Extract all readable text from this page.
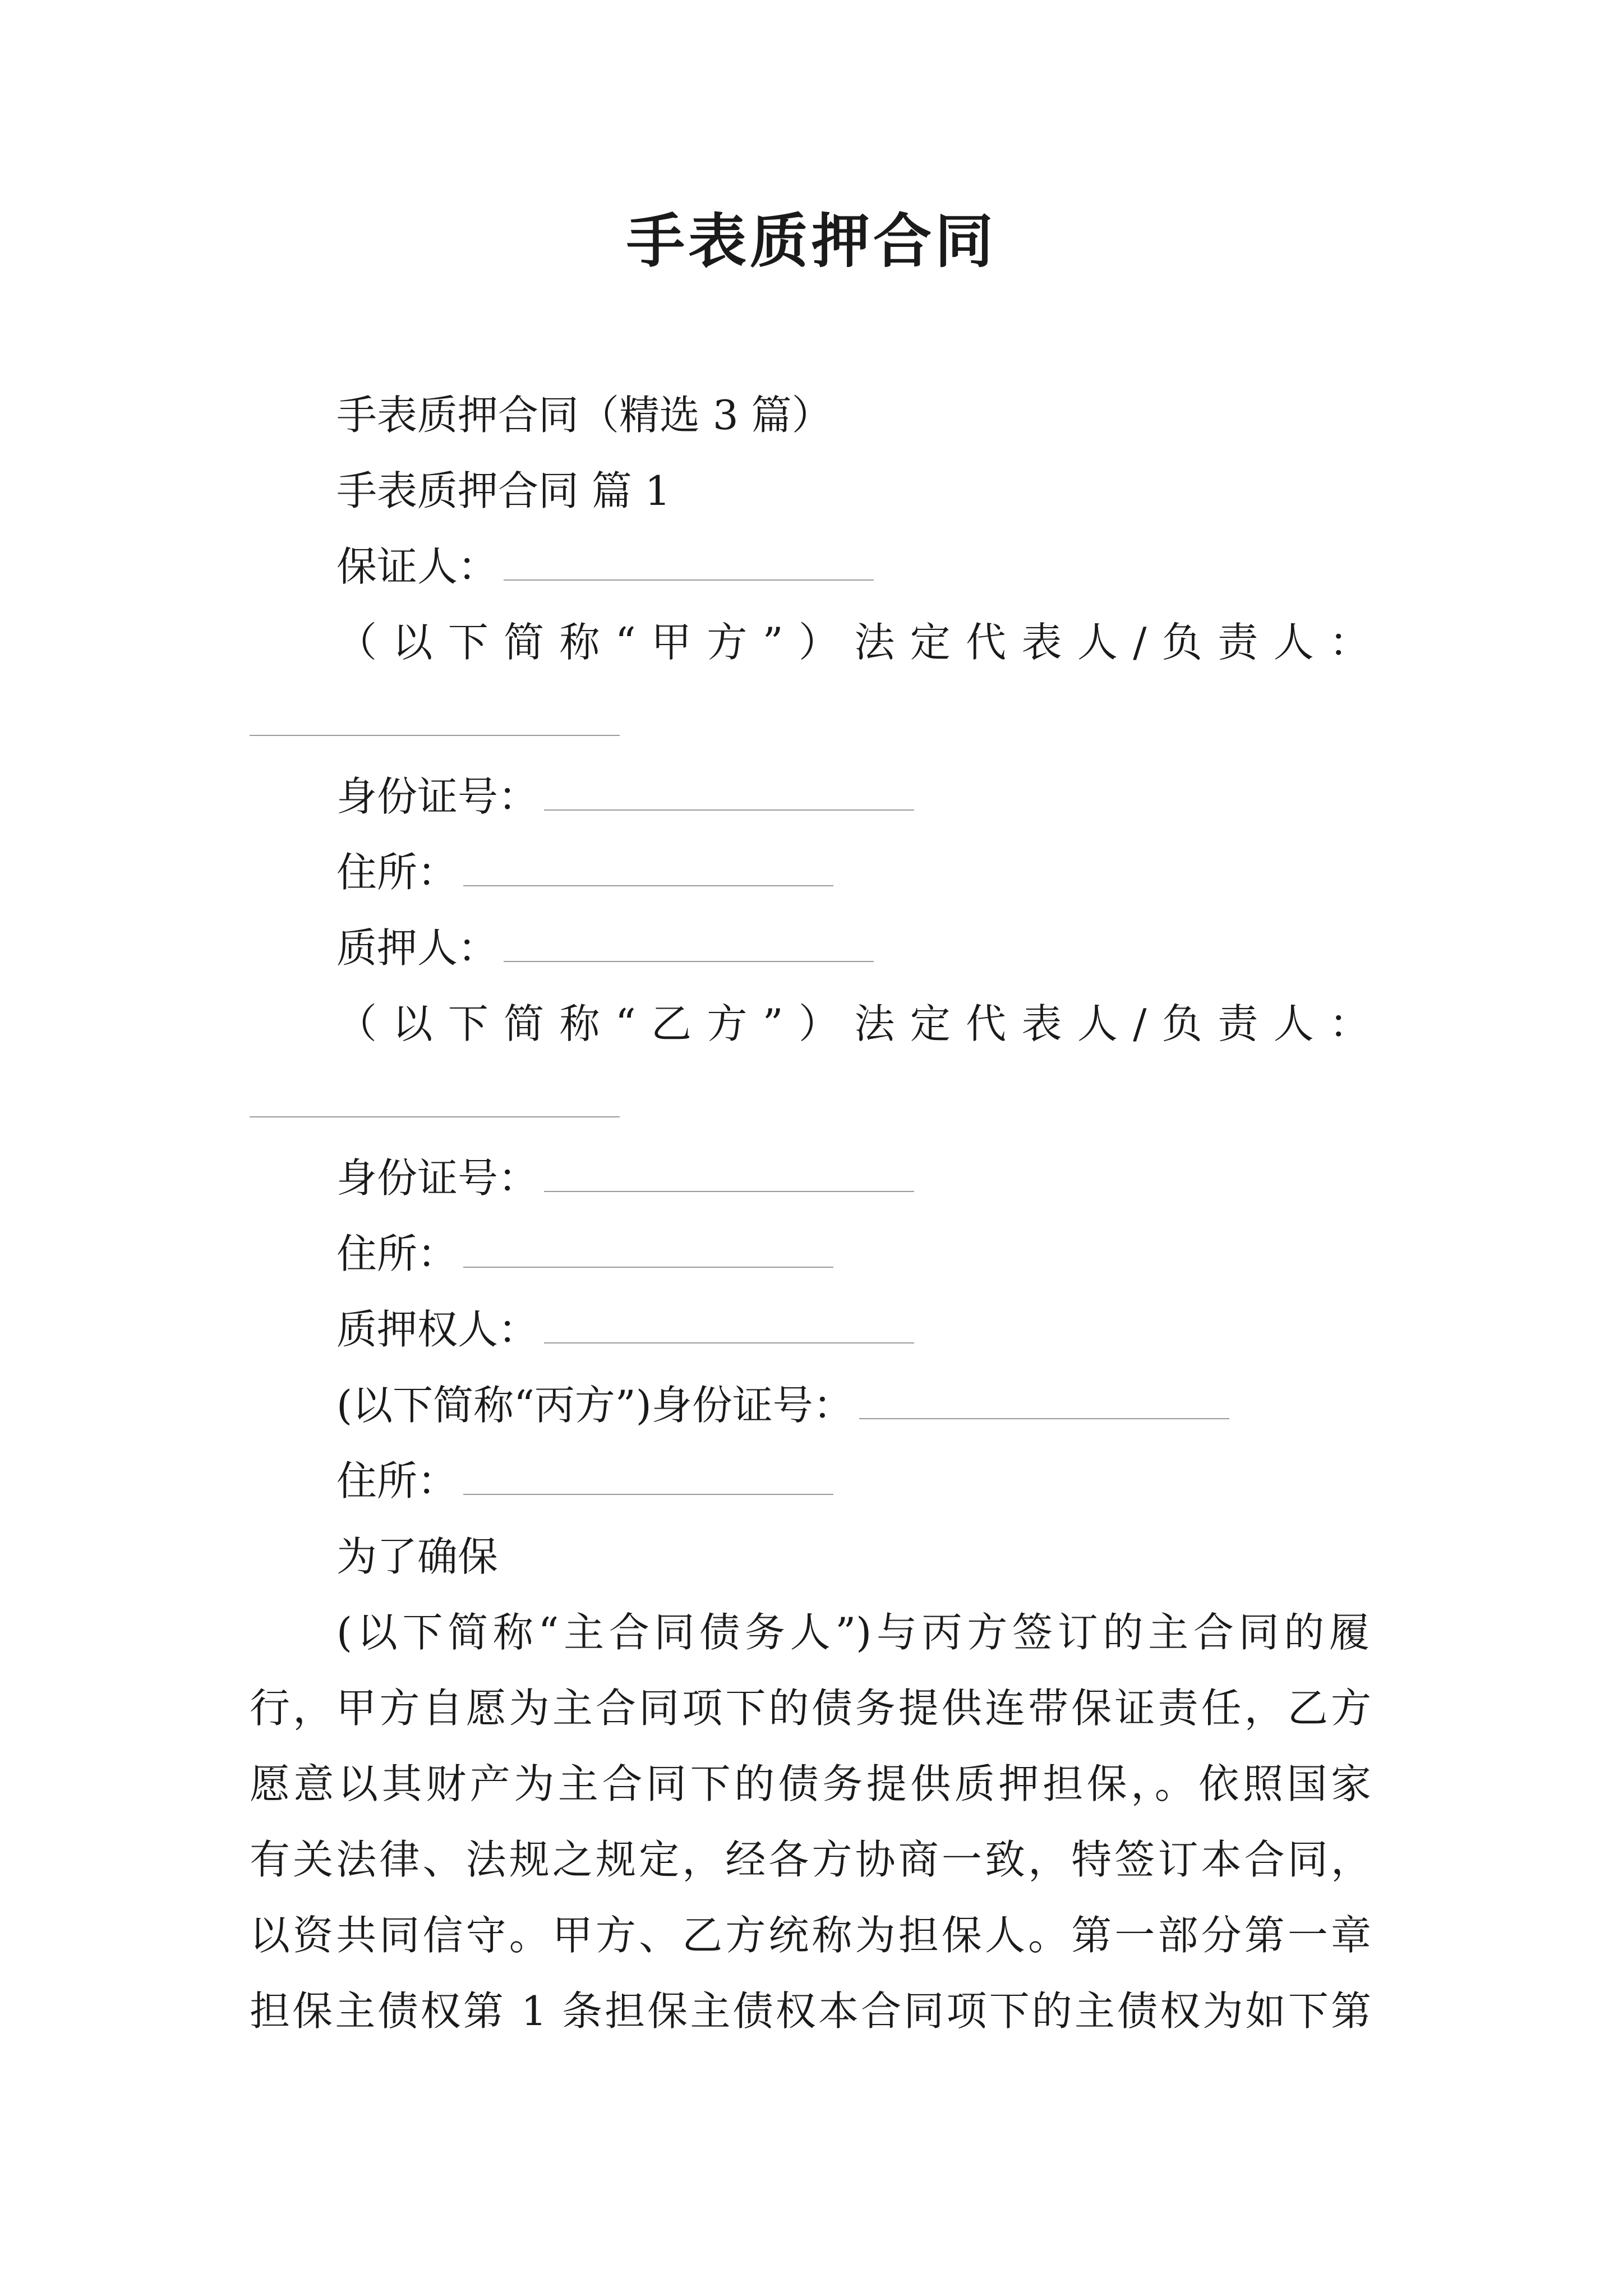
手表质押合同
手表质押合同（精选 3 篇）
手表质押合同 篇 1
保证人：
（ 以 下 简 称 “ 甲 方 ” ） 法 定 代 表 人 / 负 责 人 ：
身份证号：
住所：
质押人：
（ 以 下 简 称 “ 乙 方 ” ） 法 定 代 表 人 / 负 责 人 ：
身份证号：
住所：
质押权人：
(以下简称“丙方”)身份证号：
住所：
为了确保
(以下简称“主合同债务人”)与丙方签订的主合同的履
行，甲方自愿为主合同项下的债务提供连带保证责任，乙方
愿意以其财产为主合同下的债务提供质押担保，。依照国家
有关法律、法规之规定，经各方协商一致，特签订本合同，
以资共同信守。甲方、乙方统称为担保人。第一部分第一章
担保主债权第 1 条担保主债权本合同项下的主债权为如下第
